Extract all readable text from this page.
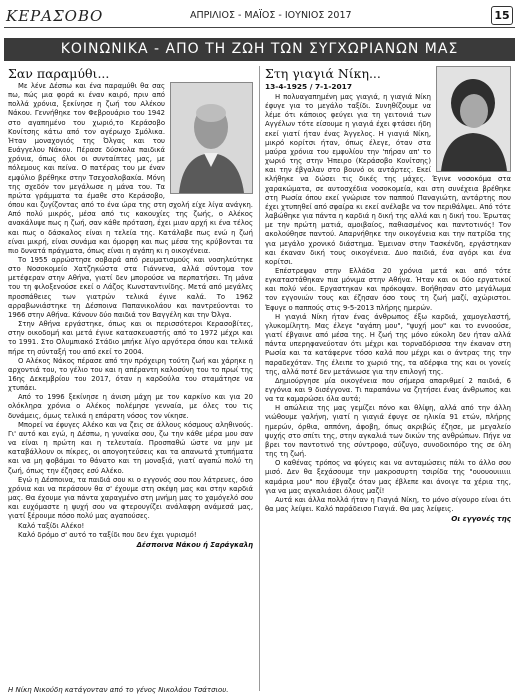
ΚΕΡΑΣΟΒΟ	ΑΠΡΙΛΙΟΣ - ΜΑΪΟΣ - ΙΟΥΝΙΟΣ 2017	15
ΚΟΙΝΩΝΙΚΑ - ΑΠΟ ΤΗ ΖΩΗ ΤΩΝ ΣΥΓΧΩΡΙΑΝΩΝ ΜΑΣ
Σαν παραμύθι...

Με λένε Δέσπω και ένα παραμύθι θα σας πω, πώς μια φορά κι έναν καιρό, πριν από πολλά χρόνια, ξεκίνησε η ζωή του Αλέκου Νάκου. Γεννήθηκε τον Φεβρουάριο του 1942 στο αγαπημένο του χωριό,το Κεράσοβο Κονίτσης κάτω από τον αγέρωχο Σμόλικα. Ήταν μοναχογιός της Όλγας και του Ευάγγελου Νάκου. Πέρασε δύσκολα παιδικά χρόνια, όπως όλοι οι συνταίπτες μας, με πόλεμους και πείνα. Ο πατέρας του με έναν εμφύλιο βρέθηκε στην Τσεχοσλοβακία. Μόνη της σχεδόν τον μεγάλωσε η μάνα του. Τα πρώτα γράμματα τα έμαθε στο Κεράσοβο, όπου και ζυγίζοντας από το ένα ώρα της στη σχολή είχε λίγα ανάγκη. Από πολύ μικρός, μέσα από τις κακουχίες της ζωής, ο Αλέκος ανακάλυψε πως η ζωή, σαν κάθε πρόταση, έχει μιαν αρχή κι ένα τέλος και πως ο δάσκαλος είναι η τελεία της. Κατάλαβε πως ενώ η ζωή είναι μικρή, είναι συνάμα και όμορφη και πως μέσα της κρύβονται τα πιο δυνατά πράγματα, όπως είναι η αγάπη κι η οικογένεια.

Το 1955 αρρώστησε σοβαρά από ρευματισμούς και νοσηλεύτηκε στο Νοσοκομείο Χατζηκώστα στα Γιάννενα, αλλά σύντομα τον μετέφεραν στην Αθήνα, γιατί δεν μπορούσε να περπατήσει. Τη μάνα του τη φιλοξενούσε εκεί ο Λάζος Κωνσταντινίδης. Μετά από μεγάλες προσπάθειες των γιατρών τελικά έγινε καλά. Το 1962 αρραβωνιάστηκε τη Δέσποινα Παπανικολάου και παντρεύονται το 1966 στην Αθήνα. Κάνουν δύο παιδιά τον Βαγγέλη και την Όλγα.

Στην Αθήνα εργάστηκε, όπως και οι περισσότεροι Κερασοβίτες, στην οικοδομή και μετά έγινε κατασκευαστής από το 1972 μέχρι και το 1991. Στο Ολυμπιακό Στάδιο μπήκε λίγο αργότερα όπου και τελικά πήρε τη σύνταξή του από εκεί το 2004.

Ο Αλέκος Νάκος πέρασε από την πρόχειρη τούτη ζωή και χάρηκε η αρχοντιά του, το γέλιο του και η απέραντη καλοσύνη του το πρωί της 16ης Δεκεμβρίου του 2017, όταν η καρδούλα του σταμάτησε να χτυπάει.

Από το 1996 ξεκίνησε η άνιση μάχη με τον καρκίνο και για 20 ολόκληρα χρόνια ο Αλέκος πολέμησε γενναία, με όλες του τις δυνάμεις, όμως τελικά η επάρατη νόσος τον νίκησε.

Μπορεί να έφυγες Αλέκο και να ζεις σε άλλους κόσμους αληθινούς. Γι' αυτό και εγώ, η Δέσπω, η γυναίκα σου, ζω την κάθε μέρα μου σαν να είναι η πρώτη και η τελευταία. Προσπαθώ ώστε να μην με καταβάλλουν οι πίκρες, οι απογοητεύσεις και τα απανωτά χτυπήματα και να μη φοβάμαι το θάνατο και τη μοναξιά, γιατί αγαπώ πολύ τη ζωή, όπως την έζησες εσύ Αλέκο.

Εγώ η Δέσποινα, τα παιδιά σου κι ο εγγονός σου που λάτρευες, όσο χρόνια και να περάσουν θα σ' έχουμε στη σκέψη μας και στην καρδιά μας. Θα έχουμε για πάντα χαραγμένο στη μνήμη μας το χαμόγελό σου και ευχόμαστε η ψυχή σου να φτερουγίζει ανάλαφρη ανάμεσά μας, γιατί ξέρουμε πόσο πολύ μας αγαπούσες.

Καλό ταξίδι Αλέκο!

Καλό δρόμο σ' αυτό το ταξίδι που δεν έχει γυρισμό!

Δέσποινα Νάκου ή Σαράγκαλη

Στη γιαγιά Νίκη...
13-4-1925 / 7-1-2017

Η πολυαγαπημένη μας γιαγιά, η γιαγιά Νίκη έφυγε για το μεγάλο ταξίδι. Συνηθίζουμε να λέμε ότι κάποιος φεύγει για τη γειτονιά των Αγγέλων τότε είσουμε η γιαγιά έχει φτάσει ήδη εκεί γιατί ήταν ένας Άγγελος. Η γιαγιά Νίκη, μικρό κορίτσι ήταν, όπως έλεγε, όταν στα μαύρα χρόνια του εμφυλίου την 'πήραν απ' το χωριό της στην Ήπειρο (Κεράσοβο Κονίτσης) και την έβγαλαν στο βουνό οι αντάρτες. Εκεί κλήθηκε να δώσει τις δικές της μάχες. Έγινε νοσοκόμα στα χαρακώματα, σε αυτοσχέδια νοσοκομεία, και στη συνέχεια βρέθηκε στη Ρωσία όπου εκεί γνώρισε τον παππού Παναγιώτη, αντάρτης που έχει χτυπηθεί από σφαίρα κι εκεί ανέλαβε να τον περιθάλψει. Από τότε λαβώθηκε για πάντα η καρδιά η δική της αλλά και η δική του. Έρωτας με την πρώτη ματιά, αμοιβαίος, παθιασμένος και παντοτινός! Τον ακολούθησε παντού. Απαρνήθηκε την οικογένεια και την πατρίδα της για μεγάλο χρονικό διάστημα. Έμειναν στην Τασκένδη, εργάστηκαν και έκαναν δική τους οικογένεια. Δυο παιδιά, ένα αγόρι και ένα κορίτσι.

Επέστρεψαν στην Ελλάδα 20 χρόνια μετά και από τότε εγκαταστάθηκαν πια μόνιμα στην Αθήνα. Ήταν και οι δύο εργατικοί και πολύ νέοι. Εργαστηκαν και πρόκοψαν. Βοήθησαν στο μεγάλωμα τον εγγονιών τους και έζησαν όσο τους τη ζωή μαζί, αχώριστοι. Έφυγε ο παππούς στις 9-5-2013 πλήρης ημερών.

Η γιαγιά Νίκη ήταν ένας άνθρωπος έξω καρδιά, χαμογελαστή, γλυκομίλητη. Μας έλεγε "αγάπη μου", "ψυχή μου" και το εννοούσε, γιατί έβγαινε από μέσα της. Η ζωή της μόνο εύκολη δεν ήταν αλλά πάντα υπερηφανεύοταν ότι μέχρι και τορναδόρισσα την έκαναν στη Ρωσία και τα κατάφερνε τόσο καλά που μέχρι και ο άντρας της την παραδεχόταν. Της έλειπε το χωριό της, τα αδέρφια της και οι γονείς της, αλλά ποτέ δεν μετάνιωσε για την επιλογή της.

Δημιούργησε μία οικογένεια που σήμερα απαριθμεί 2 παιδιά, 6 εγγόνια και 9 δισέγγονα. Τι παραπάνω να ζητήσει ένας άνθρωπος και να τα καμαρώσει όλα αυτά;

Η απώλεια της μας γεμίζει πόνο και θλίψη, αλλά από την άλλη νιώθουμε γαλήνη, γιατί η γιαγιά έφυγε σε ηλικία 91 ετών, πλήρης ημερών, όρθια, αππόνη, άφοβη, όπως ακριβώς έζησε, με μεγαλείο ψυχής στο σπίτι της, στην αγκαλιά των δικών της ανθρώπων. Πήγε να βρει τον παντοτινό της σύντροφο, σύζυγο, συνοδοιπόρο της σε όλη της τη ζωή.

Ο καθένας τρόπος να φύγεις και να ανταμώσεις πάλι το άλλο σου μισό. Δεν θα ξεχάσουμε την μακροσυρτη τσιρίδα της "ουουουιιιιιι καμάρια μου" που έβγαζε όταν μας έβλεπε και άνοιγε τα χέρια της, για να μας αγκαλιάσει όλους μαζί!

Αυτά και άλλα πολλά ήταν η Γιαγιά Νίκη, το μόνο σίγουρο είναι ότι θα μας λείψει. Καλό παράδεισο Γιαγιά. Θα μας λείψεις.

Οι εγγονές της

Η Νίκη Νικούδη κατάγονταν από το γένος Νικολάου Τσάτσιου.
